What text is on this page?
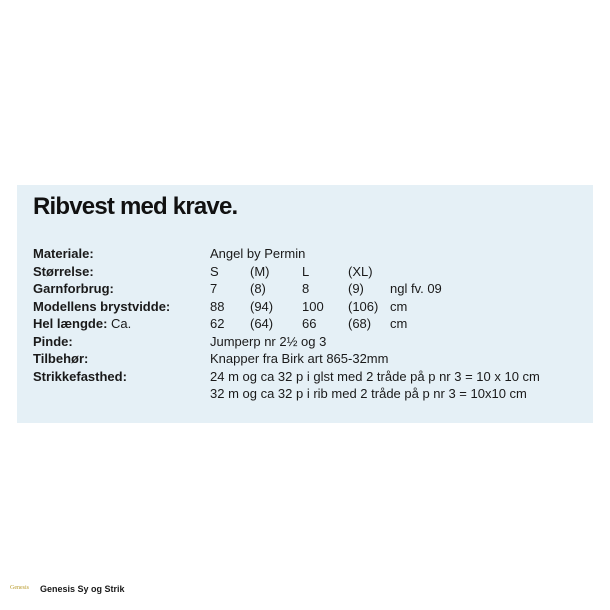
Ribvest med krave.
Materiale:	Angel by Permin
Størrelse:	S (M)	L	(XL)
Garnforbrug:	7	(8)	8	(9) ngl fv. 09
Modellens brystvidde:	88 (94) 100 (106) cm
Hel længde: Ca.	62 (64) 66 (68) cm
Pinde:	Jumperp nr 2½ og 3
Tilbehør:	Knapper fra Birk art 865-32mm
Strikkefasthed:	24 m og ca 32 p i glst med 2 tråde på p nr 3 = 10 x 10 cm
32 m og ca 32 p i rib med 2 tråde på p nr 3 = 10x10 cm
Genesis Genesis Sy og Strik
